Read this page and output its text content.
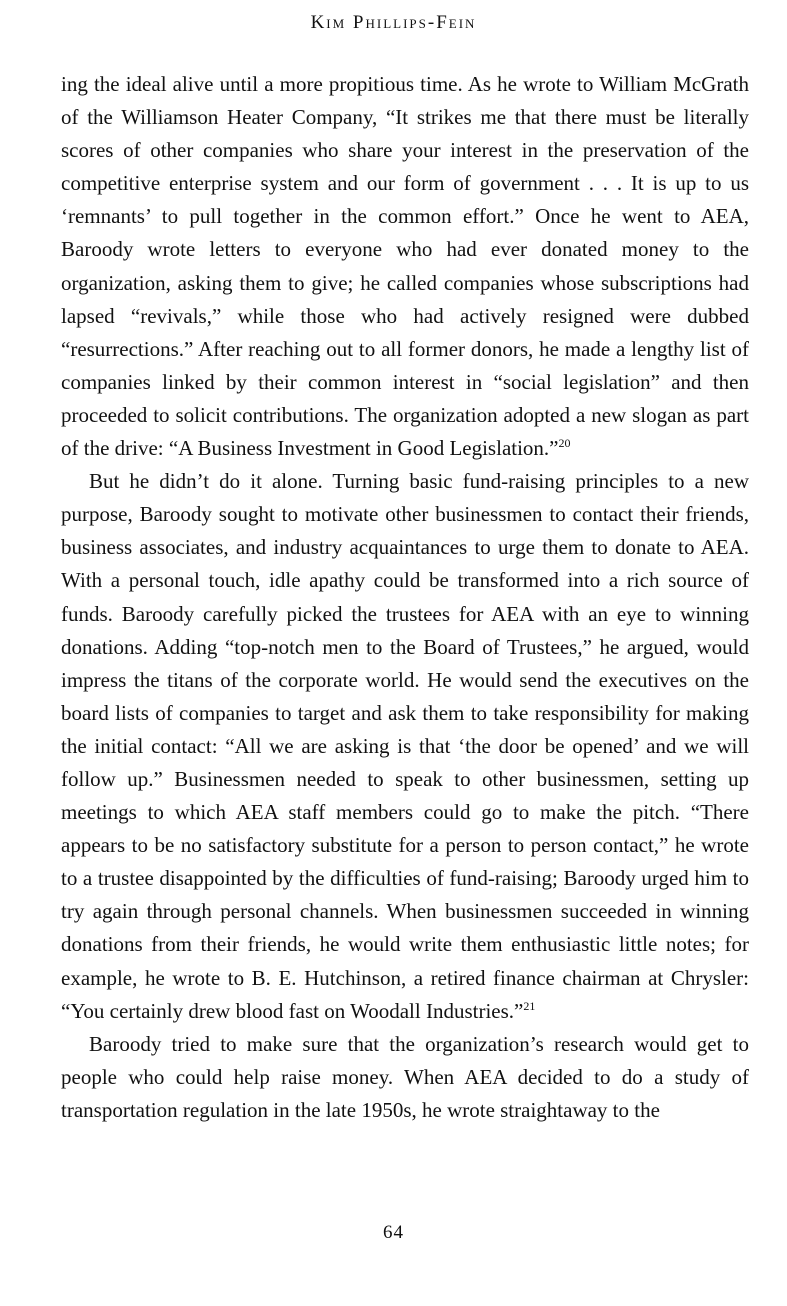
Kim Phillips-Fein

ing the ideal alive until a more propitious time. As he wrote to William McGrath of the Williamson Heater Company, “It strikes me that there must be literally scores of other companies who share your interest in the preservation of the competitive enterprise system and our form of government . . . It is up to us ‘remnants’ to pull together in the common effort.” Once he went to AEA, Baroody wrote letters to everyone who had ever donated money to the organization, asking them to give; he called companies whose subscriptions had lapsed “revivals,” while those who had actively resigned were dubbed “resurrections.” After reaching out to all former donors, he made a lengthy list of companies linked by their common interest in “social legislation” and then proceeded to solicit contributions. The organization adopted a new slogan as part of the drive: “A Business Investment in Good Legislation.”$^{20}$

But he didn’t do it alone. Turning basic fund-raising principles to a new purpose, Baroody sought to motivate other businessmen to contact their friends, business associates, and industry acquaintances to urge them to donate to AEA. With a personal touch, idle apathy could be transformed into a rich source of funds. Baroody carefully picked the trustees for AEA with an eye to winning donations. Adding “top-notch men to the Board of Trustees,” he argued, would impress the titans of the corporate world. He would send the executives on the board lists of companies to target and ask them to take responsibility for making the initial contact: “All we are asking is that ‘the door be opened’ and we will follow up.” Businessmen needed to speak to other businessmen, setting up meetings to which AEA staff members could go to make the pitch. “There appears to be no satisfactory substitute for a person to person contact,” he wrote to a trustee disappointed by the difficulties of fund-raising; Baroody urged him to try again through personal channels. When businessmen succeeded in winning donations from their friends, he would write them enthusiastic little notes; for example, he wrote to B. E. Hutchinson, a retired finance chairman at Chrysler: “You certainly drew blood fast on Woodall Industries.”$^{21}$

Baroody tried to make sure that the organization’s research would get to people who could help raise money. When AEA decided to do a study of transportation regulation in the late 1950s, he wrote straightaway to the

64
